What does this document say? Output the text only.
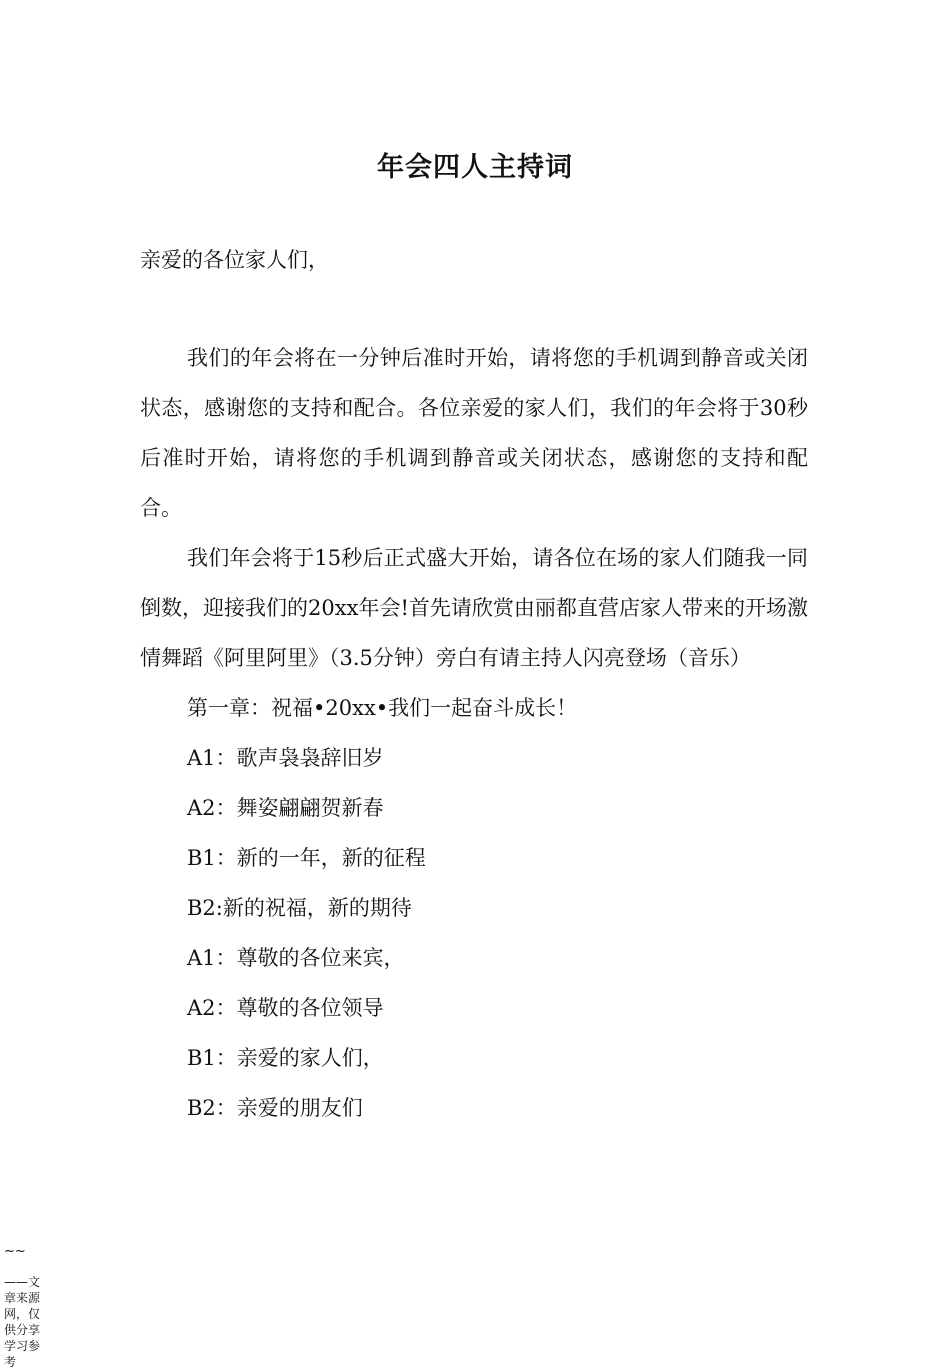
年会四人主持词
亲爱的各位家人们，

我们的年会将在一分钟后准时开始，请将您的手机调到静音或关闭状态，感谢您的支持和配合。各位亲爱的家人们，我们的年会将于30秒后准时开始，请将您的手机调到静音或关闭状态，感谢您的支持和配合。

我们年会将于15秒后正式盛大开始，请各位在场的家人们随我一同倒数，迎接我们的20xx年会!首先请欣赏由丽都直营店家人带来的开场激情舞蹈《阿里阿里》（3.5分钟）旁白有请主持人闪亮登场（音乐）

第一章：祝福•20xx•我们一起奋斗成长！

A1：歌声袅袅辞旧岁

A2：舞姿翩翩贺新春

B1：新的一年，新的征程

B2:新的祝福，新的期待

A1：尊敬的各位来宾，

A2：尊敬的各位领导

B1：亲爱的家人们，

B2：亲爱的朋友们

~~
——文章来源网，仅供分享学习参考
